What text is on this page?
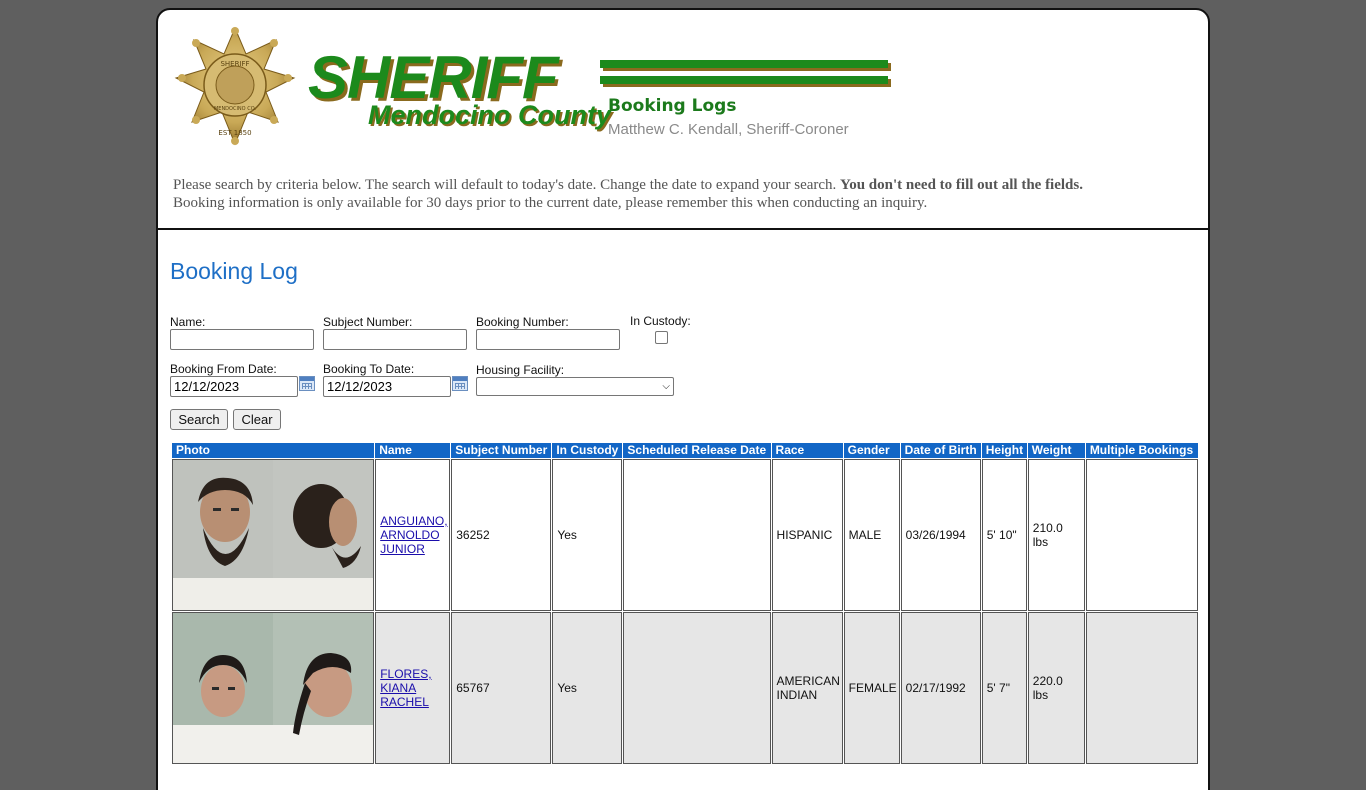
SHERIFF
MENDOCINO CO.
EST 1850
SHERIFF
Mendocino County
Booking Logs
Matthew C. Kendall, Sheriff-Coroner
Please search by criteria below. The search will default to today's date. Change the date to expand your search. You don't need to fill out all the fields.
Booking information is only available for 30 days prior to the current date, please remember this when conducting an inquiry.
Booking Log
Name:	Subject Number:	Booking Number:	In Custody:
Booking From Date:
12/12/2023	Booking To Date:
12/12/2023	Housing Facility:
⌵
Search	Clear
Photo	Name	Subject Number	In Custody	Scheduled Release Date	Race	Gender	Date of Birth	Height	Weight	Multiple Bookings

	ANGUIANO, ARNOLDO JUNIOR	36252	Yes		HISPANIC	MALE	03/26/1994	5' 10"	210.0 lbs	

	FLORES, KIANA RACHEL	65767	Yes		AMERICAN INDIAN	FEMALE	02/17/1992	5' 7"	220.0 lbs	
